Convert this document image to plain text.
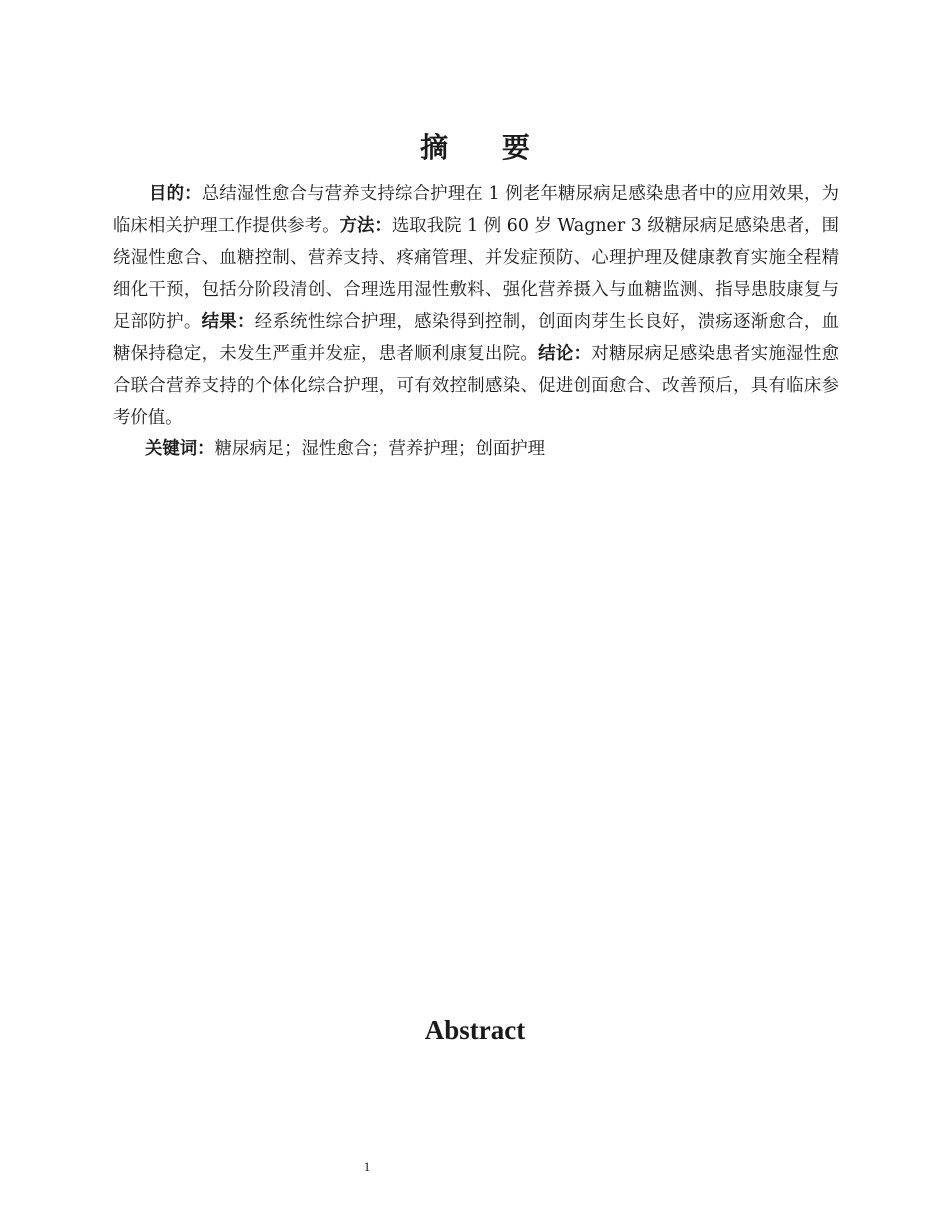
摘 要

目的：总结湿性愈合与营养支持综合护理在 1 例老年糖尿病足感染患者中的应用效果，为临床相关护理工作提供参考。方法：选取我院 1 例 60 岁 Wagner 3 级糖尿病足感染患者，围绕湿性愈合、血糖控制、营养支持、疼痛管理、并发症预防、心理护理及健康教育实施全程精细化干预，包括分阶段清创、合理选用湿性敷料、强化营养摄入与血糖监测、指导患肢康复与足部防护。结果：经系统性综合护理，感染得到控制，创面肉芽生长良好，溃疡逐渐愈合，血糖保持稳定，未发生严重并发症，患者顺利康复出院。结论：对糖尿病足感染患者实施湿性愈合联合营养支持的个体化综合护理，可有效控制感染、促进创面愈合、改善预后，具有临床参考价值。

关键词：糖尿病足；湿性愈合；营养护理；创面护理

Abstract
1
